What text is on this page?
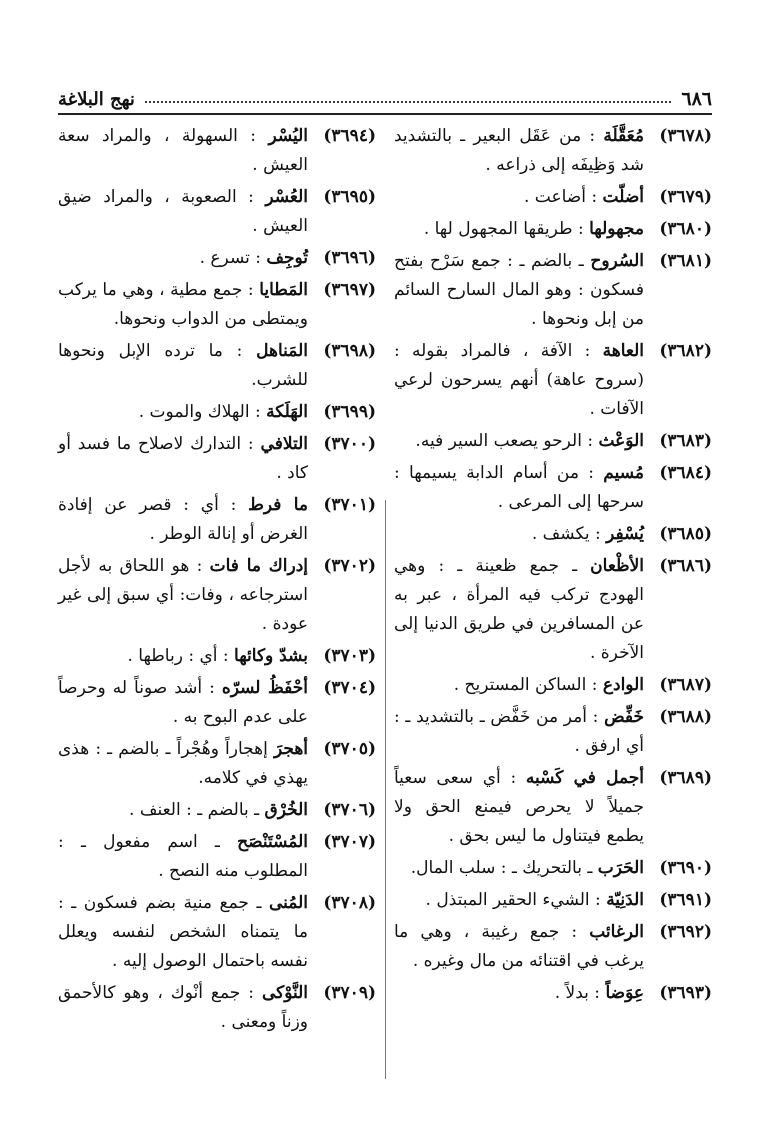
٦٨٦
نهج البلاغة
(٣٦٧٨)
مُعَقَّلَة : من عَقَل البعير ـ بالتشديد شد وَظِيفَه إلى ذراعه .
(٣٦٧٩)
أضلّت : أضاعت .
(٣٦٨٠)
مجهولها : طريقها المجهول لها .
(٣٦٨١)
السُروح ـ بالضم ـ : جمع سَرْح بفتح فسكون : وهو المال السارح السائم من إبل ونحوها .
(٣٦٨٢)
العاهة : الآفة ، فالمراد بقوله : (سروح عاهة) أنهم يسرحون لرعي الآفات .
(٣٦٨٣)
الوَعْث : الرحو يصعب السير فيه.
(٣٦٨٤)
مُسيم : من أسام الدابة يسيمها : سرحها إلى المرعى .
(٣٦٨٥)
يُسْفِر : يكشف .
(٣٦٨٦)
الأظْعان ـ جمع ظعينة ـ : وهي الهودج تركب فيه المرأة ، عبر به عن المسافرين في طريق الدنيا إلى الآخرة .
(٣٦٨٧)
الوادع : الساكن المستريح .
(٣٦٨٨)
خَفِّض : أمر من خَفَّض ـ بالتشديد ـ : أي ارفق .
(٣٦٨٩)
أجمل في كَسْبه : أي سعى سعياً جميلاً لا يحرص فيمنع الحق ولا يطمع فيتناول ما ليس بحق .
(٣٦٩٠)
الحَرَب ـ بالتحريك ـ : سلب المال.
(٣٦٩١)
الدَنِيّة : الشيء الحقير المبتذل .
(٣٦٩٢)
الرغائب : جمع رغيبة ، وهي ما يرغب في اقتنائه من مال وغيره .
(٣٦٩٣)
عِوَضاً : بدلاً .
(٣٦٩٤)
اليُسْر : السهولة ، والمراد سعة العيش .
(٣٦٩٥)
العُسْر : الصعوبة ، والمراد ضيق العيش .
(٣٦٩٦)
تُوجِف : تسرع .
(٣٦٩٧)
المَطايا : جمع مطية ، وهي ما يركب ويمتطى من الدواب ونحوها.
(٣٦٩٨)
المَناهل : ما ترده الإبل ونحوها للشرب.
(٣٦٩٩)
الهَلَكة : الهلاك والموت .
(٣٧٠٠)
التلافي : التدارك لاصلاح ما فسد أو كاد .
(٣٧٠١)
ما فرط : أي : قصر عن إفادة الغرض أو إنالة الوطر .
(٣٧٠٢)
إدراك ما فات : هو اللحاق به لأجل استرجاعه ، وفات: أي سبق إلى غير عودة .
(٣٧٠٣)
بشدّ وكائها : أي : رباطها .
(٣٧٠٤)
أحْفَظُ لسرّه : أشد صوناً له وحرصاً على عدم البوح به .
(٣٧٠٥)
أهجرَ إهجاراً وهُجْراً ـ بالضم ـ : هذى يهذي في كلامه.
(٣٧٠٦)
الخُرْق ـ بالضم ـ : العنف .
(٣٧٠٧)
المُسْتَنْصَح ـ اسم مفعول ـ : المطلوب منه النصح .
(٣٧٠٨)
المُنى ـ جمع منية بضم فسكون ـ : ما يتمناه الشخص لنفسه ويعلل نفسه باحتمال الوصول إليه .
(٣٧٠٩)
النَّوْكى : جمع أنْوك ، وهو كالأحمق وزناً ومعنى .
